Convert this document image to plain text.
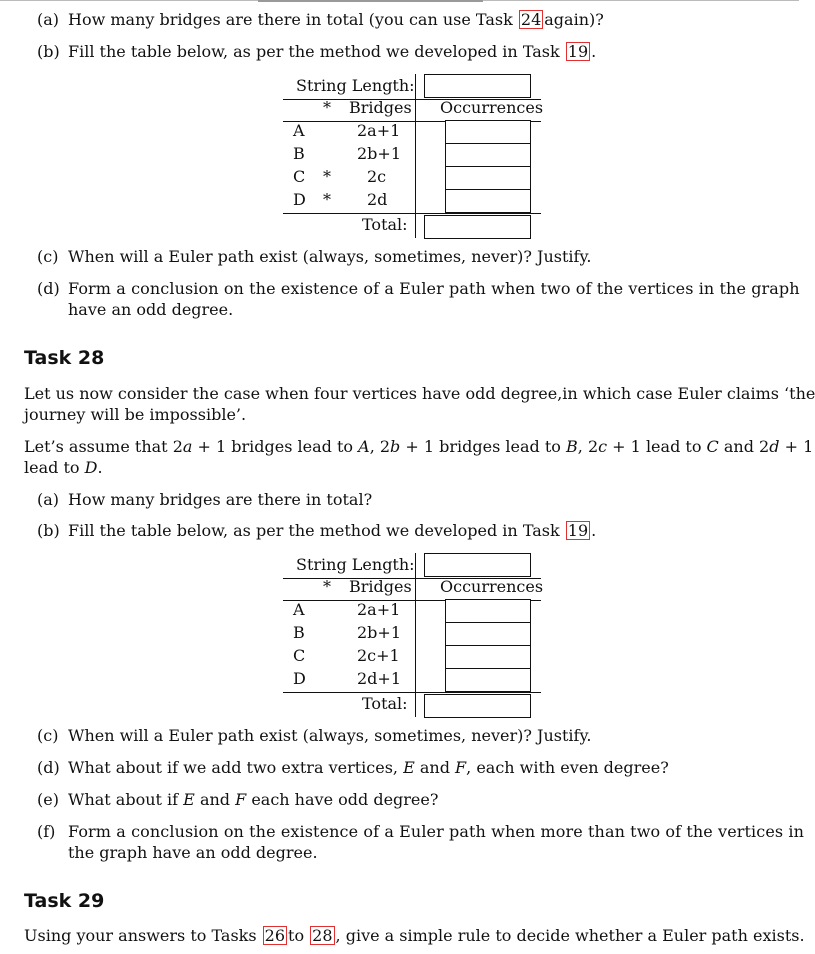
(a) How many bridges are there in total (you can use Task 24 again)?
(b) Fill the table below, as per the method we developed in Task 19 .
String Length:
* Bridges Occurrences
A	2a+1
B	2b+1
C * 2c
D * 2d
Total:
(c) When will a Euler path exist (always, sometimes, never)? Justify.
(d) Form a conclusion on the existence of a Euler path when two of the vertices in the graph
have an odd degree.
Task 28
Let us now consider the case when four vertices have odd degree,in which case Euler claims ‘the
journey will be impossible’.
Let’s assume that 2a + 1 bridges lead to A, 2b + 1 bridges lead to B, 2c + 1 lead to C and 2d + 1
lead to D.
(a) How many bridges are there in total?
(b) Fill the table below, as per the method we developed in Task 19 .
String Length:
* Bridges Occurrences
A	2a+1
B	2b+1
C	2c+1
D	2d+1
Total:
(c) When will a Euler path exist (always, sometimes, never)? Justify.
(d) What about if we add two extra vertices, E and F, each with even degree?
(e) What about if E and F each have odd degree?
(f) Form a conclusion on the existence of a Euler path when more than two of the vertices in
the graph have an odd degree.
Task 29
Using your answers to Tasks 26 to 28 , give a simple rule to decide whether a Euler path exists.
